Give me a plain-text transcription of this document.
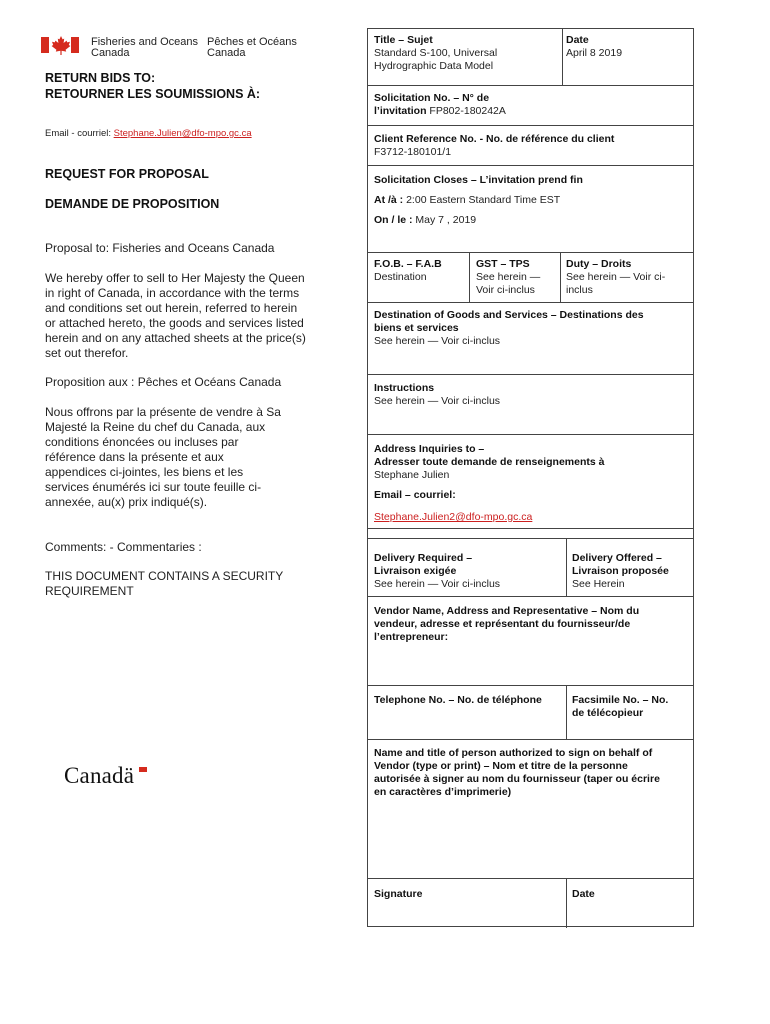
Fisheries and Oceans
Canada
Pêches et Océans
Canada
RETURN BIDS TO:
RETOURNER LES SOUMISSIONS À:
Email - courriel: Stephane.Julien@dfo-mpo.gc.ca
REQUEST FOR PROPOSAL
DEMANDE DE PROPOSITION
Proposal to: Fisheries and Oceans Canada
We hereby offer to sell to Her Majesty the Queen
in right of Canada, in accordance with the terms
and conditions set out herein, referred to herein
or attached hereto, the goods and services listed
herein and on any attached sheets at the price(s)
set out therefor.
Proposition aux : Pêches et Océans Canada
Nous offrons par la présente de vendre à Sa
Majesté la Reine du chef du Canada, aux
conditions énoncées ou incluses par
référence dans la présente et aux
appendices ci-jointes, les biens et les
services énumérés ici sur toute feuille ci-
annexée, au(x) prix indiqué(s).
Comments: - Commentaries :
THIS DOCUMENT CONTAINS A SECURITY
REQUIREMENT
Canadä
Title – Sujet
Standard S-100, Universal
Hydrographic Data Model
Date
April 8 2019
Solicitation No. – N° de
l’invitation FP802-180242A
Client Reference No. - No. de référence du client
F3712-180101/1
Solicitation Closes – L’invitation prend fin
At /à : 2:00 Eastern Standard Time EST
On / le : May 7 , 2019
F.O.B. – F.A.B
Destination
GST – TPS
See herein —
Voir ci-inclus
Duty – Droits
See herein — Voir ci-
inclus
Destination of Goods and Services – Destinations des
biens et services
See herein — Voir ci-inclus
Instructions
See herein — Voir ci-inclus
Address Inquiries to –
Adresser toute demande de renseignements à
Stephane Julien
Email – courriel:
Stephane.Julien2@dfo-mpo.gc.ca
Delivery Required –
Livraison exigée
See herein — Voir ci-inclus
Delivery Offered –
Livraison proposée
See Herein
Vendor Name, Address and Representative – Nom du
vendeur, adresse et représentant du fournisseur/de
l’entrepreneur:
Telephone No. – No. de téléphone	Facsimile No. – No.
de télécopieur
Name and title of person authorized to sign on behalf of
Vendor (type or print) – Nom et titre de la personne
autorisée à signer au nom du fournisseur (taper ou écrire
en caractères d’imprimerie)
Signature	Date
